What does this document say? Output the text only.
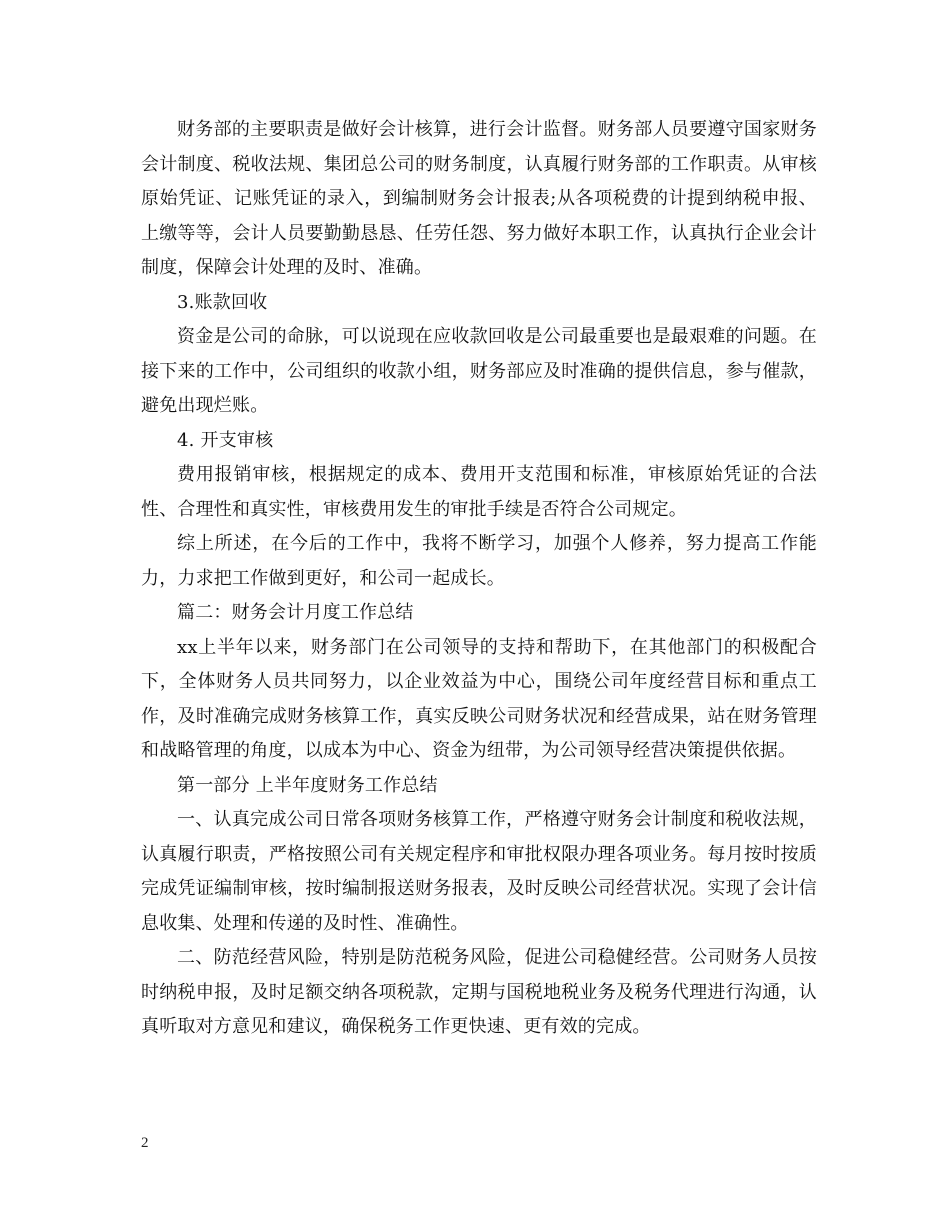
财务部的主要职责是做好会计核算，进行会计监督。财务部人员要遵守国家财务会计制度、税收法规、集团总公司的财务制度，认真履行财务部的工作职责。从审核原始凭证、记账凭证的录入，到编制财务会计报表;从各项税费的计提到纳税申报、上缴等等，会计人员要勤勤恳恳、任劳任怨、努力做好本职工作，认真执行企业会计制度，保障会计处理的及时、准确。

3.账款回收

资金是公司的命脉，可以说现在应收款回收是公司最重要也是最艰难的问题。在接下来的工作中，公司组织的收款小组，财务部应及时准确的提供信息，参与催款，避免出现烂账。

4. 开支审核

费用报销审核，根据规定的成本、费用开支范围和标准，审核原始凭证的合法性、合理性和真实性，审核费用发生的审批手续是否符合公司规定。

综上所述，在今后的工作中，我将不断学习，加强个人修养，努力提高工作能力，力求把工作做到更好，和公司一起成长。

篇二：财务会计月度工作总结

xx上半年以来，财务部门在公司领导的支持和帮助下，在其他部门的积极配合下，全体财务人员共同努力，以企业效益为中心，围绕公司年度经营目标和重点工作，及时准确完成财务核算工作，真实反映公司财务状况和经营成果，站在财务管理和战略管理的角度，以成本为中心、资金为纽带，为公司领导经营决策提供依据。

第一部分 上半年度财务工作总结

一、认真完成公司日常各项财务核算工作，严格遵守财务会计制度和税收法规，认真履行职责，严格按照公司有关规定程序和审批权限办理各项业务。每月按时按质完成凭证编制审核，按时编制报送财务报表，及时反映公司经营状况。实现了会计信息收集、处理和传递的及时性、准确性。

二、防范经营风险，特别是防范税务风险，促进公司稳健经营。公司财务人员按时纳税申报，及时足额交纳各项税款，定期与国税地税业务及税务代理进行沟通，认真听取对方意见和建议，确保税务工作更快速、更有效的完成。

2
